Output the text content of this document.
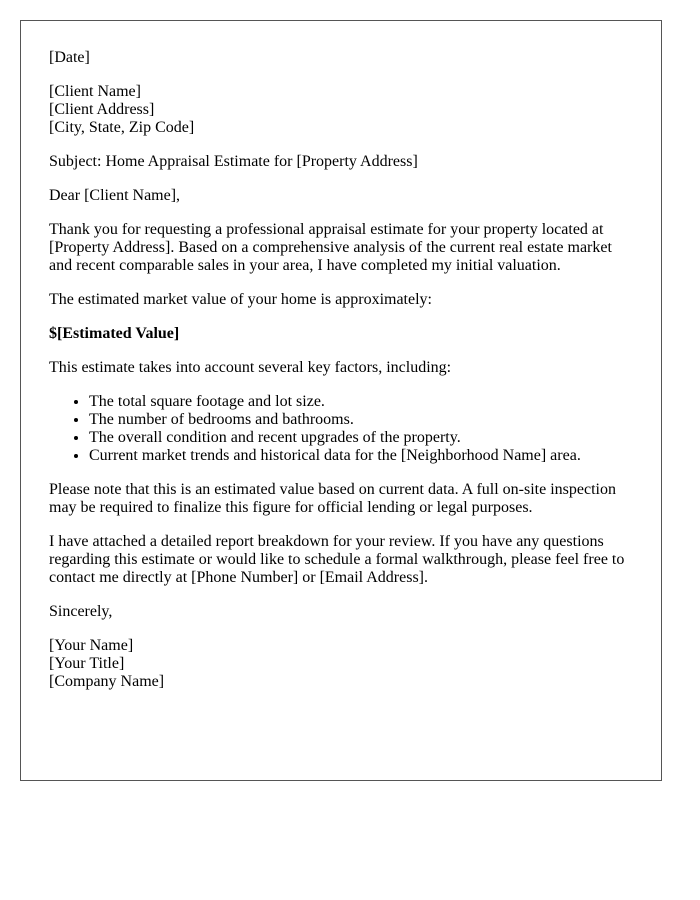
[Date]

[Client Name]
[Client Address]
[City, State, Zip Code]

Subject: Home Appraisal Estimate for [Property Address]

Dear [Client Name],

Thank you for requesting a professional appraisal estimate for your property located at [Property Address]. Based on a comprehensive analysis of the current real estate market and recent comparable sales in your area, I have completed my initial valuation.

The estimated market value of your home is approximately:

$[Estimated Value]

This estimate takes into account several key factors, including:

• The total square footage and lot size.
• The number of bedrooms and bathrooms.
• The overall condition and recent upgrades of the property.
• Current market trends and historical data for the [Neighborhood Name] area.

Please note that this is an estimated value based on current data. A full on-site inspection may be required to finalize this figure for official lending or legal purposes.

I have attached a detailed report breakdown for your review. If you have any questions regarding this estimate or would like to schedule a formal walkthrough, please feel free to contact me directly at [Phone Number] or [Email Address].

Sincerely,

[Your Name]
[Your Title]
[Company Name]
